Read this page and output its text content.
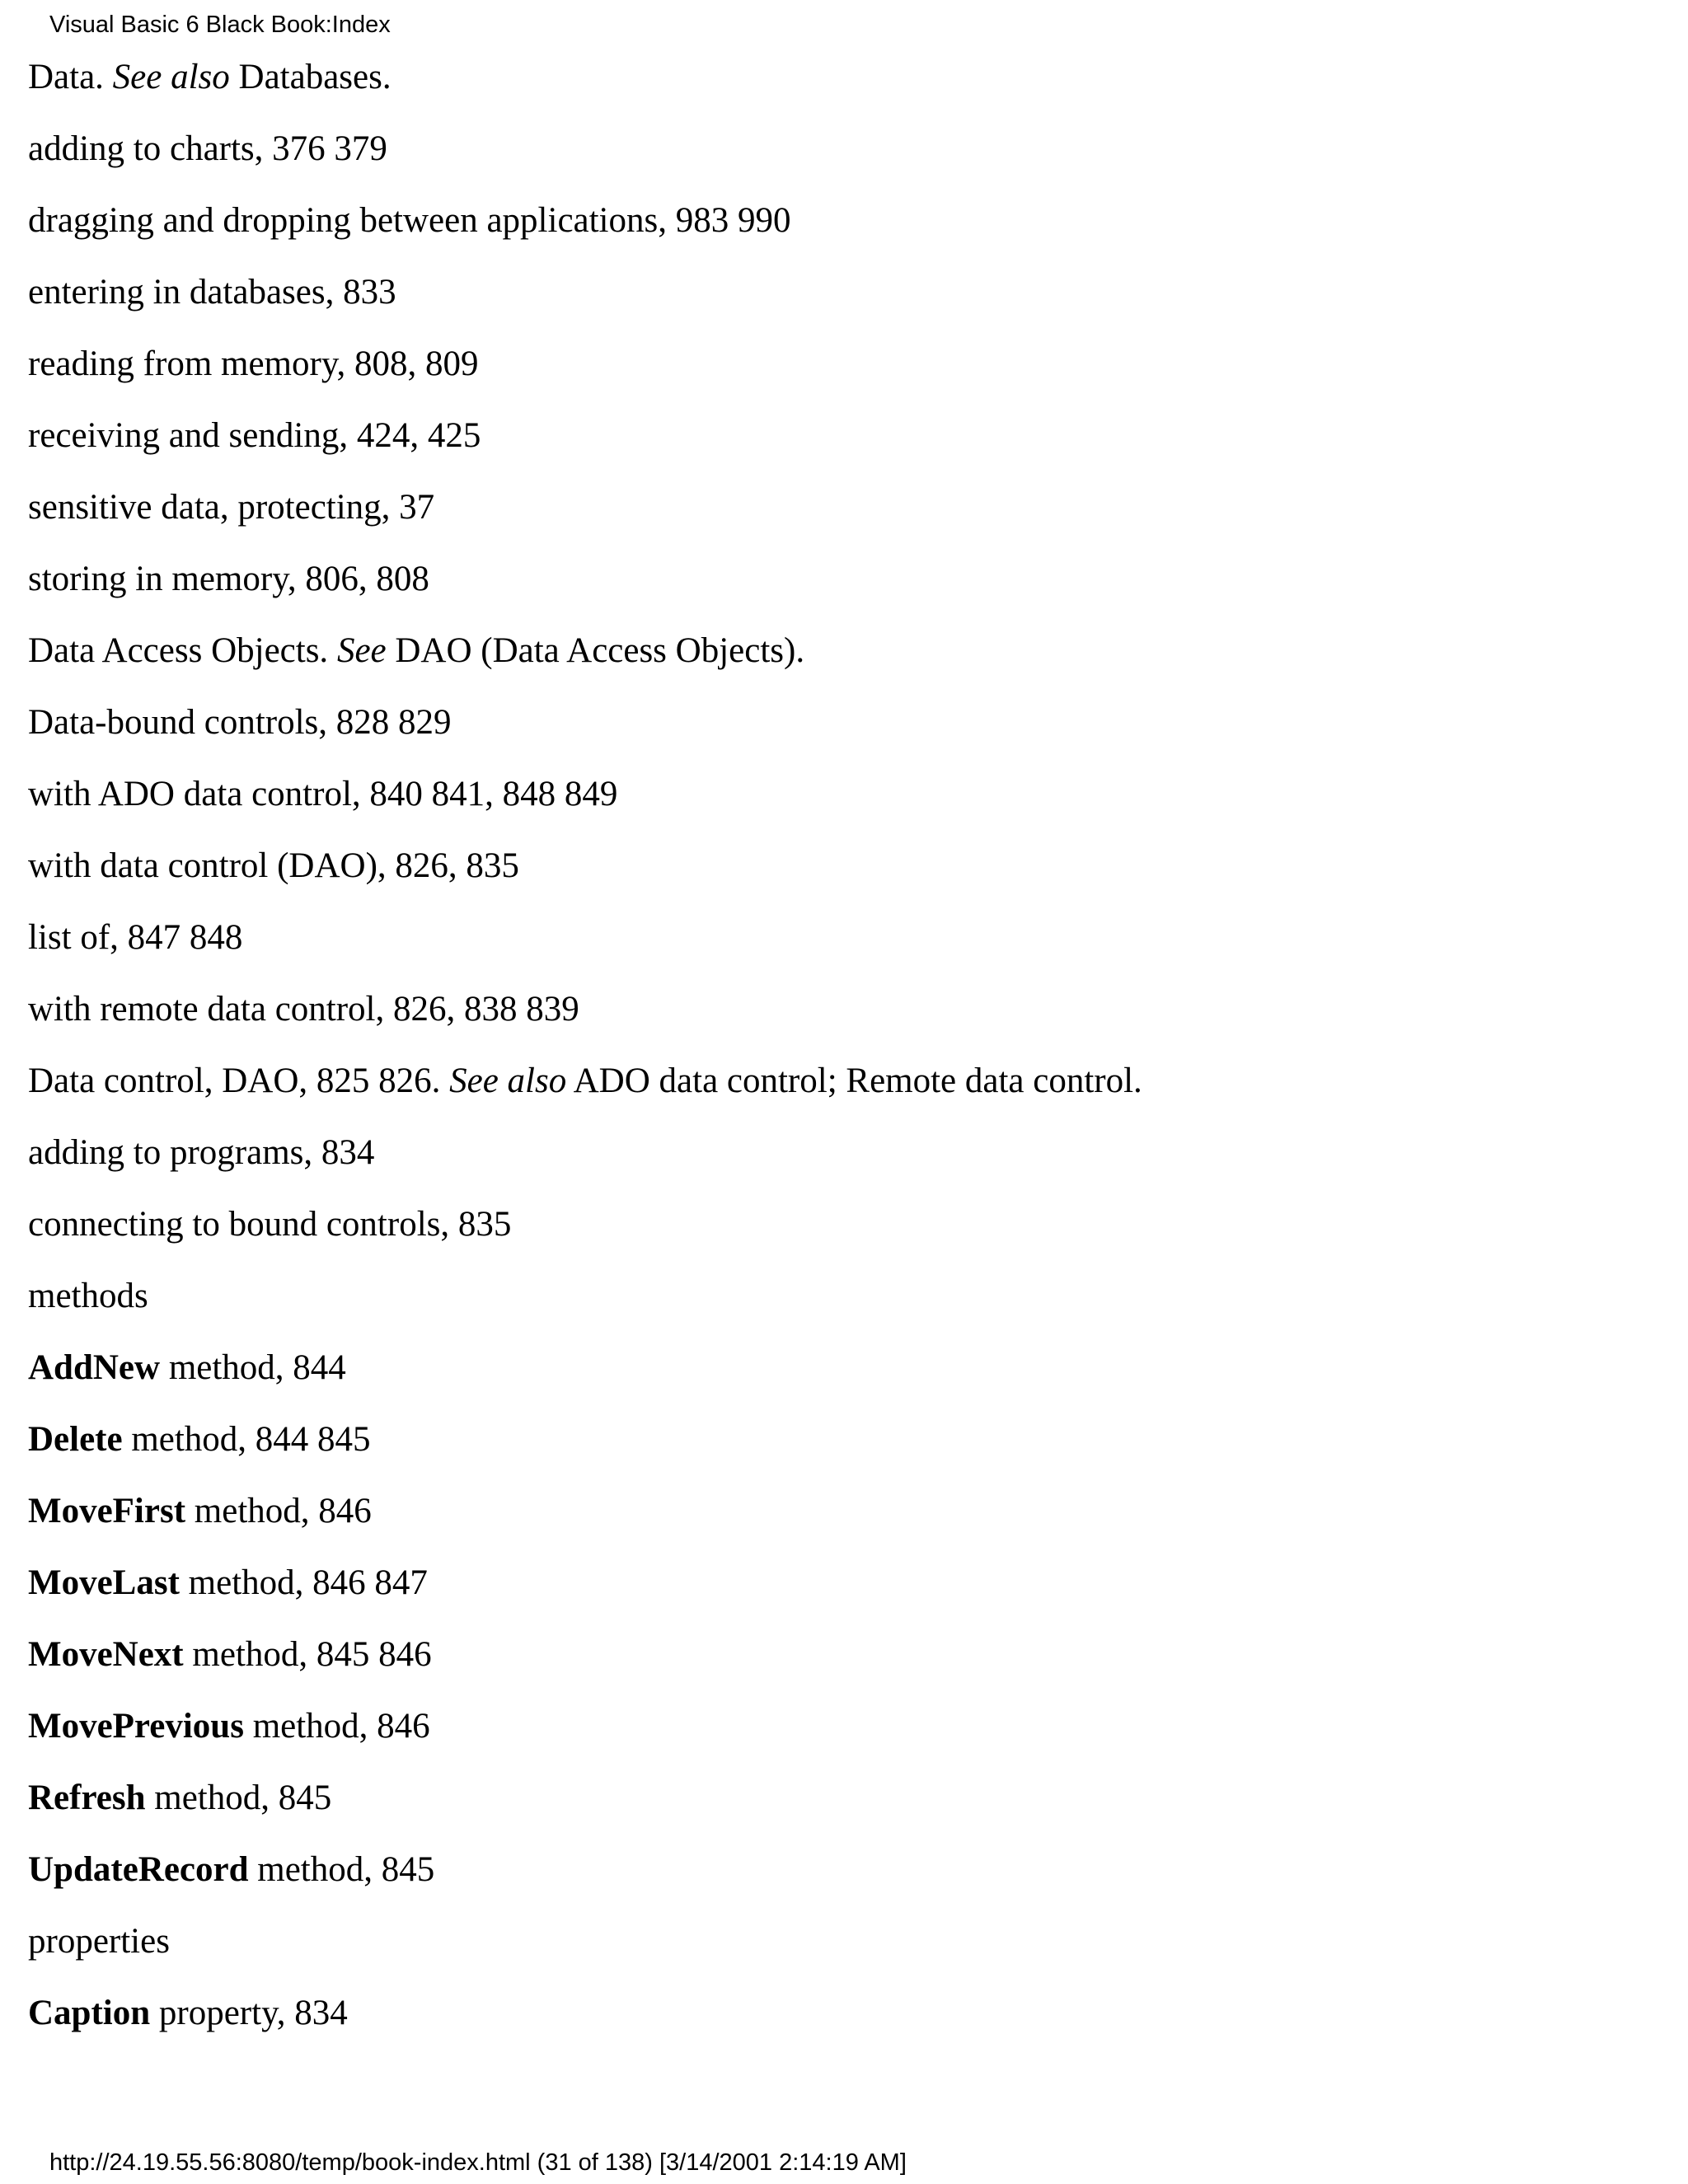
Visual Basic 6 Black Book:Index
Data. See also Databases.
adding to charts, 376 379
dragging and dropping between applications, 983 990
entering in databases, 833
reading from memory, 808, 809
receiving and sending, 424, 425
sensitive data, protecting, 37
storing in memory, 806, 808
Data Access Objects. See DAO (Data Access Objects).
Data-bound controls, 828 829
with ADO data control, 840 841, 848 849
with data control (DAO), 826, 835
list of, 847 848
with remote data control, 826, 838 839
Data control, DAO, 825 826. See also ADO data control; Remote data control.
adding to programs, 834
connecting to bound controls, 835
methods
AddNew method, 844
Delete method, 844 845
MoveFirst method, 846
MoveLast method, 846 847
MoveNext method, 845 846
MovePrevious method, 846
Refresh method, 845
UpdateRecord method, 845
properties
Caption property, 834
http://24.19.55.56:8080/temp/book-index.html (31 of 138) [3/14/2001 2:14:19 AM]
